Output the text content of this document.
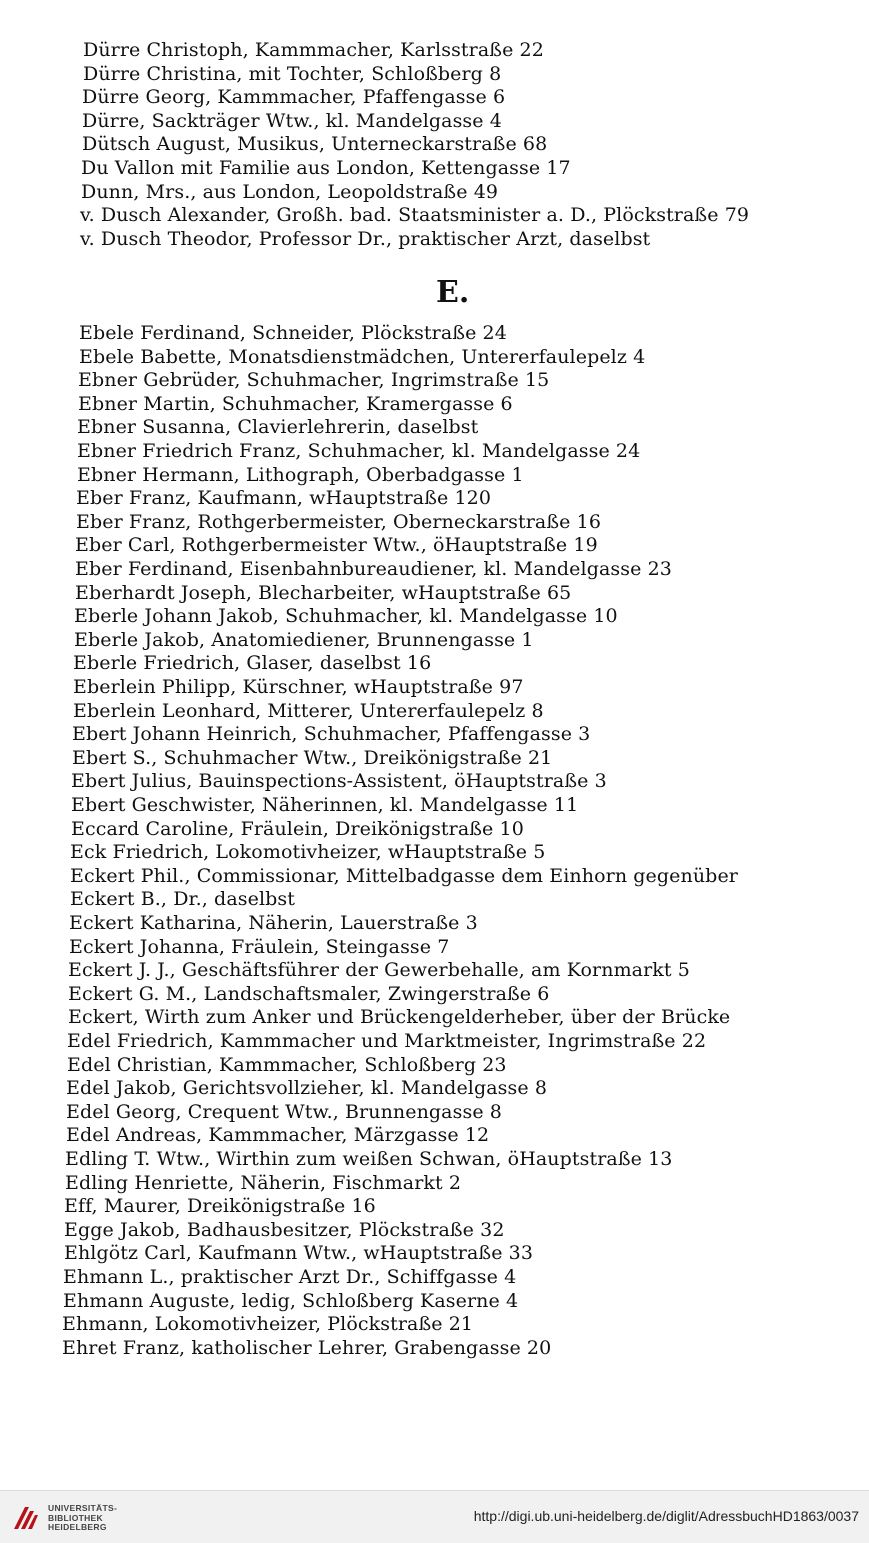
Dürre Christoph, Kammmacher, Karlsstraße 22
Dürre Christina, mit Tochter, Schloßberg 8
Dürre Georg, Kammmacher, Pfaffengasse 6
Dürre, Sackträger Wtw., kl. Mandelgasse 4
Dütsch August, Musikus, Unterneckarstraße 68
Du Vallon mit Familie aus London, Kettengasse 17
Dunn, Mrs., aus London, Leopoldstraße 49
v. Dusch Alexander, Großh. bad. Staatsminister a. D., Plöckstraße 79
v. Dusch Theodor, Professor Dr., praktischer Arzt, daselbst
Ebele Ferdinand, Schneider, Plöckstraße 24
Ebele Babette, Monatsdienstmädchen, Untererfaulepelz 4
Ebner Gebrüder, Schuhmacher, Ingrimstraße 15
Ebner Martin, Schuhmacher, Kramergasse 6
Ebner Susanna, Clavierlehrerin, daselbst
Ebner Friedrich Franz, Schuhmacher, kl. Mandelgasse 24
Ebner Hermann, Lithograph, Oberbadgasse 1
Eber Franz, Kaufmann, wHauptstraße 120
Eber Franz, Rothgerbermeister, Oberneckarstraße 16
Eber Carl, Rothgerbermeister Wtw., öHauptstraße 19
Eber Ferdinand, Eisenbahnbureaudiener, kl. Mandelgasse 23
Eberhardt Joseph, Blecharbeiter, wHauptstraße 65
Eberle Johann Jakob, Schuhmacher, kl. Mandelgasse 10
Eberle Jakob, Anatomiediener, Brunnengasse 1
Eberle Friedrich, Glaser, daselbst 16
Eberlein Philipp, Kürschner, wHauptstraße 97
Eberlein Leonhard, Mitterer, Untererfaulepelz 8
Ebert Johann Heinrich, Schuhmacher, Pfaffengasse 3
Ebert S., Schuhmacher Wtw., Dreikönigstraße 21
Ebert Julius, Bauinspections-Assistent, öHauptstraße 3
Ebert Geschwister, Näherinnen, kl. Mandelgasse 11
Eccard Caroline, Fräulein, Dreikönigstraße 10
Eck Friedrich, Lokomotivheizer, wHauptstraße 5
Eckert Phil., Commissionar, Mittelbadgasse dem Einhorn gegenüber
Eckert B., Dr., daselbst
Eckert Katharina, Näherin, Lauerstraße 3
Eckert Johanna, Fräulein, Steingasse 7
Eckert J. J., Geschäftsführer der Gewerbehalle, am Kornmarkt 5
Eckert G. M., Landschaftsmaler, Zwingerstraße 6
Eckert, Wirth zum Anker und Brückengelderheber, über der Brücke
Edel Friedrich, Kammmacher und Marktmeister, Ingrimstraße 22
Edel Christian, Kammmacher, Schloßberg 23
Edel Jakob, Gerichtsvollzieher, kl. Mandelgasse 8
Edel Georg, Crequent Wtw., Brunnengasse 8
Edel Andreas, Kammmacher, Märzgasse 12
Edling T. Wtw., Wirthin zum weißen Schwan, öHauptstraße 13
Edling Henriette, Näherin, Fischmarkt 2
Eff, Maurer, Dreikönigstraße 16
Egge Jakob, Badhausbesitzer, Plöckstraße 32
Ehlgötz Carl, Kaufmann Wtw., wHauptstraße 33
Ehmann L., praktischer Arzt Dr., Schiffgasse 4
Ehmann Auguste, ledig, Schloßberg Kaserne 4
Ehmann, Lokomotivheizer, Plöckstraße 21
Ehret Franz, katholischer Lehrer, Grabengasse 20
E.
UNIVERSITÄTS-
BIBLIOTHEK
HEIDELBERG
http://digi.ub.uni-heidelberg.de/diglit/AdressbuchHD1863/0037
